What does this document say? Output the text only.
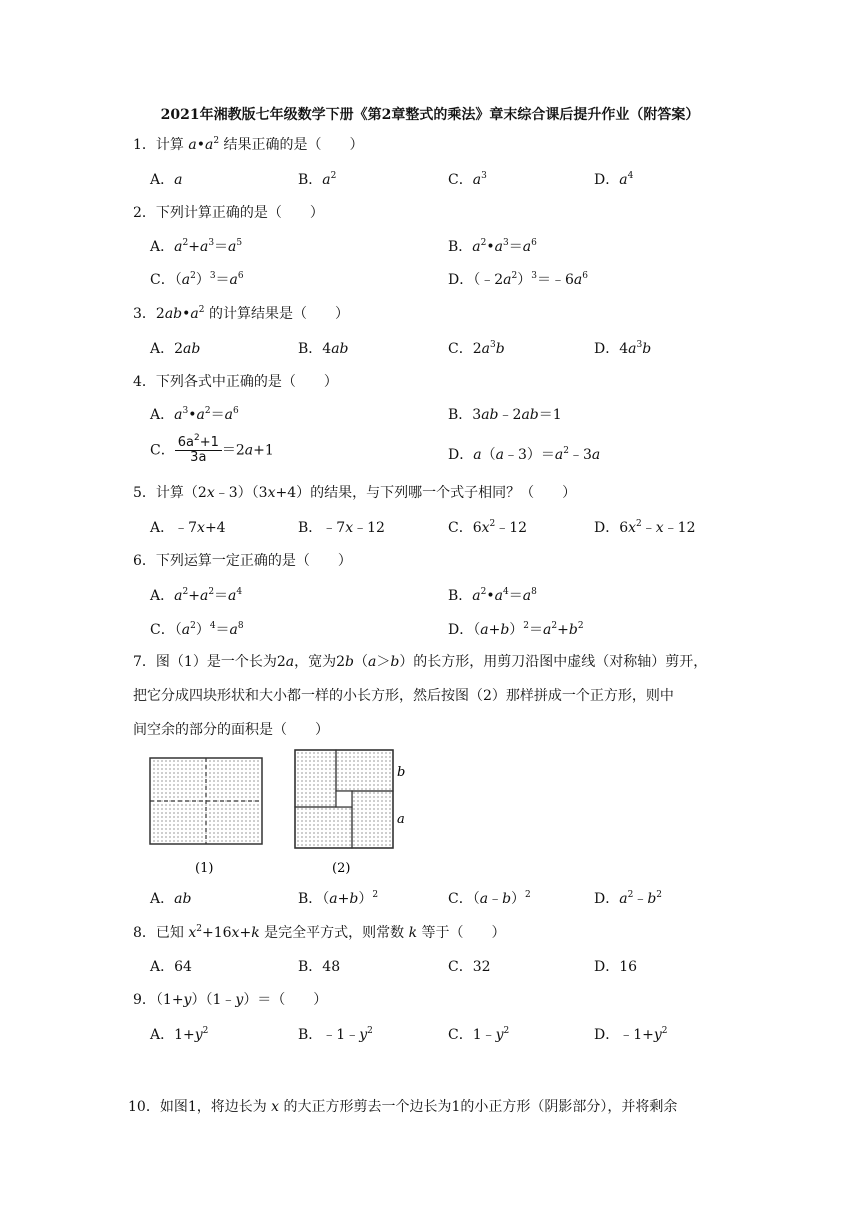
2021年湘教版七年级数学下册《第2章整式的乘法》章末综合课后提升作业（附答案）
1．计算 $a•a^2$ 结果正确的是（　　）
A．a	B．$a^2$	C．$a^3$	D．$a^4$
2．下列计算正确的是（　　）
A．$a^2+a^3=a^5$	B．$a^2•a^3=a^6$
C．$(a^2)^3=a^6$	D．$(﹣2a^2)^3=﹣6a^6$
3．$2ab•a^2$ 的计算结果是（　　）
A．2ab	B．4ab	C．$2a^3b$	D．$4a^3b$
4．下列各式中正确的是（　　）
A．$a^3•a^2=a^6$	B．3ab﹣2ab＝1
C． $\frac{6a^2+1}{3a} =2a+1$	D．$a(a﹣3)=a^2﹣3a$
5．计算（2x﹣3）（3x+4）的结果，与下列哪一个式子相同？（　　）
A．﹣7x+4	B．﹣7x﹣12	C．$6x^2﹣12$	D．$6x^2﹣x﹣12$
6．下列运算一定正确的是（　　）
A．$a^2+a^2=a^4$	B．$a^2•a^4=a^8$
C．$(a^2)^4=a^8$	D．$(a+b)^2=a^2+b^2$
7．图（1）是一个长为2a，宽为2b（a＞b）的长方形，用剪刀沿图中虚线（对称轴）剪开，
把它分成四块形状和大小都一样的小长方形，然后按图（2）那样拼成一个正方形，则中
间空余的部分的面积是（　　）
b
a
(1)	(2)
A．ab	B．$(a+b)^2$	C．（a﹣b）$^2$	D．$a^2﹣b^2$
8．已知 $x^2+16x+k$ 是完全平方式，则常数 k 等于（　　）
A．64	B．48	C．32	D．16
9．（1+y）（1﹣y）＝（　　）
A．$1+y^2$	B．$﹣1﹣y^2$	C．$1﹣y^2$	D．$﹣1+y^2$
10．如图1，将边长为 x 的大正方形剪去一个边长为1的小正方形（阴影部分），并将剩余
